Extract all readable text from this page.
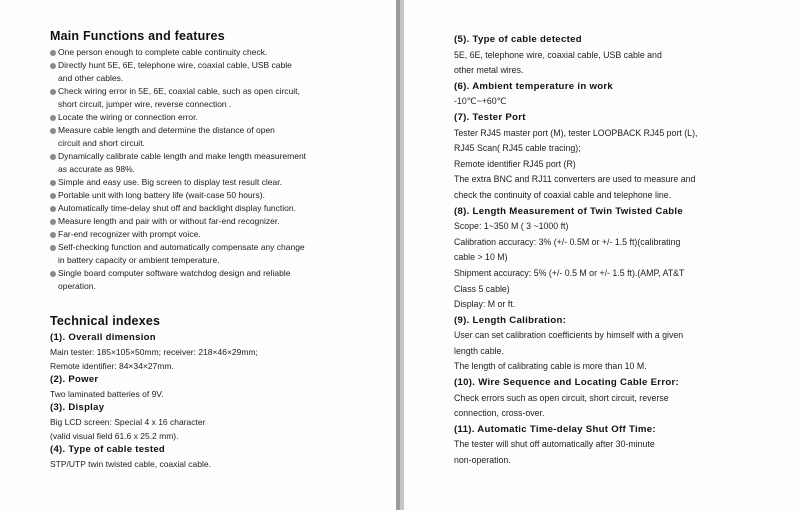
Main Functions and features
One person enough to complete cable continuity check.
Directly hunt 5E, 6E, telephone wire, coaxial cable, USB cable
and other cables.
Check wiring error in 5E, 6E, coaxial cable, such as open circuit,
short circuit, jumper wire, reverse connection .
Locate the wiring or connection error.
Measure cable length and determine the distance of open
circuit and short circuit.
Dynamically calibrate cable length and make length measurement
as accurate as 98%.
Simple and easy use. Big screen to display test result clear.
Portable unit with long battery life (wait-case 50 hours).
Automatically time-delay shut off and backlight display function.
Measure length and pair with or without far-end recognizer.
Far-end recognizer with prompt voice.
Self-checking function and automatically compensate any change
in battery capacity or ambient temperature.
Single board computer software watchdog design and reliable
operation.
Technical indexes
(1). Overall dimension
Main tester: 185×105×50mm; receiver: 218×46×29mm;
Remote identifier: 84×34×27mm.
(2). Power
Two laminated batteries of 9V.
(3). Display
Big LCD screen: Special 4 x 16 character
(valid visual field 61.6 x 25.2 mm).
(4). Type of cable tested
STP/UTP twin twisted cable, coaxial cable.
(5). Type of cable detected
5E, 6E, telephone wire, coaxial cable, USB cable and
other metal wires.
(6). Ambient temperature in work
-10℃~+60℃
(7). Tester Port
Tester RJ45 master port (M), tester LOOPBACK RJ45 port (L),
RJ45 Scan( RJ45 cable tracing);
Remote identifier RJ45 port (R)
The extra BNC and RJ11 converters are used to measure and
check the continuity of coaxial cable and telephone line.
(8). Length Measurement of Twin Twisted Cable
Scope: 1~350 M ( 3 ~1000 ft)
Calibration accuracy: 3% (+/- 0.5M or +/- 1.5 ft)(calibrating
cable > 10 M)
Shipment accuracy: 5% (+/- 0.5 M or +/- 1.5 ft).(AMP, AT&T
Class 5 cable)
Display: M or ft.
(9). Length Calibration:
User can set calibration coefficients by himself with a given
length cable.
The length of calibrating cable is more than 10 M.
(10). Wire Sequence and Locating Cable Error:
Check errors such as open circuit, short circuit, reverse
connection, cross-over.
(11). Automatic Time-delay Shut Off Time:
The tester will shut off automatically after 30-minute
non-operation.
